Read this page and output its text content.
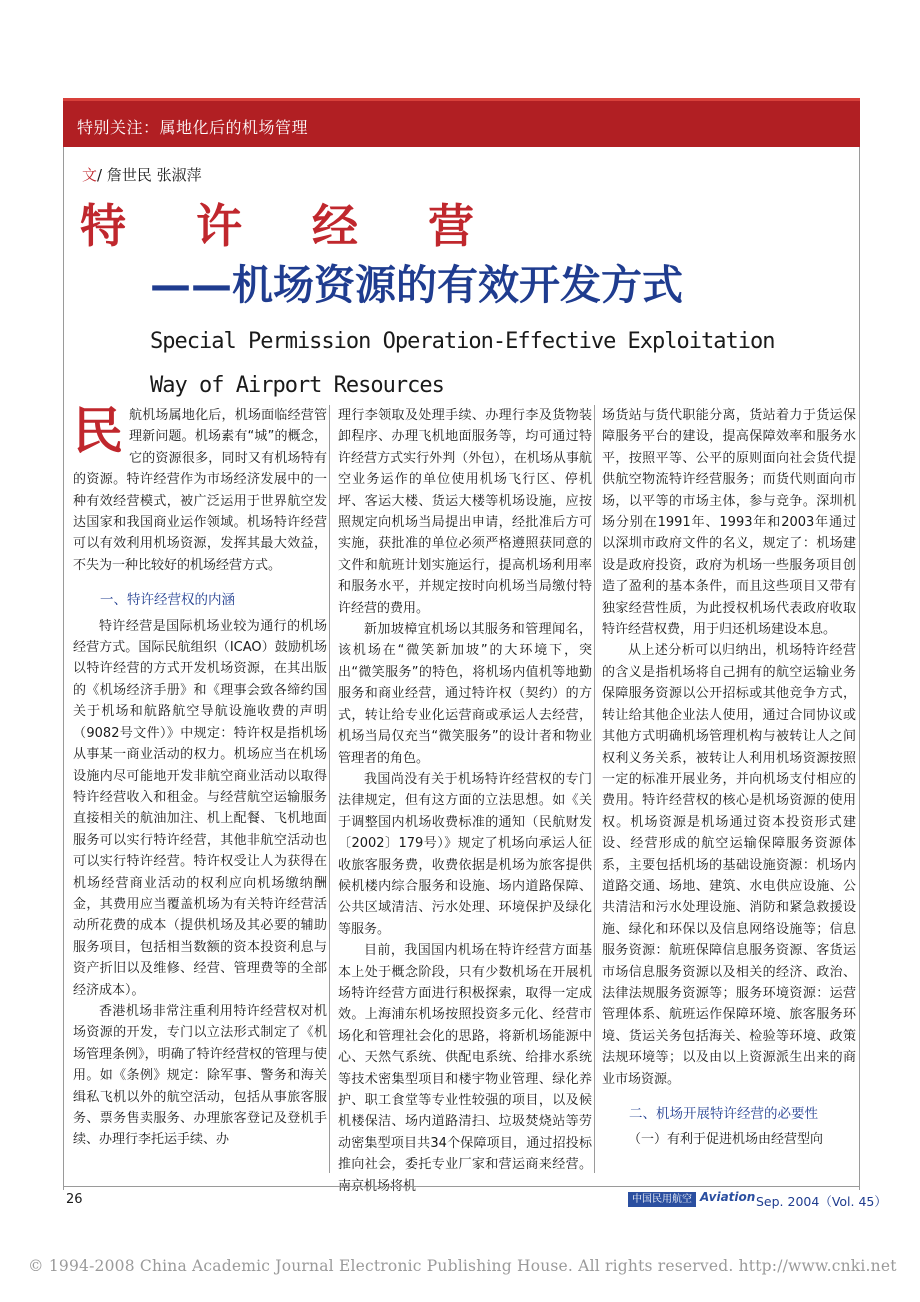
特别关注：属地化后的机场管理
文/ 詹世民 张淑萍
特许经营
——机场资源的有效开发方式
Special Permission Operation-Effective Exploitation Way of Airport Resources

民航机场属地化后，机场面临经营管理新问题。机场素有“城”的概念，它的资源很多，同时又有机场特有的资源。特许经营作为市场经济发展中的一种有效经营模式，被广泛运用于世界航空发达国家和我国商业运作领域。机场特许经营可以有效利用机场资源，发挥其最大效益，不失为一种比较好的机场经营方式。

一、特许经营权的内涵

特许经营是国际机场业较为通行的机场经营方式。国际民航组织（ICAO）鼓励机场以特许经营的方式开发机场资源，在其出版的《机场经济手册》和《理事会致各缔约国关于机场和航路航空导航设施收费的声明（9082号文件）》中规定：特许权是指机场从事某一商业活动的权力。机场应当在机场设施内尽可能地开发非航空商业活动以取得特许经营收入和租金。与经营航空运输服务直接相关的航油加注、机上配餐、飞机地面服务可以实行特许经营，其他非航空活动也可以实行特许经营。特许权受让人为获得在机场经营商业活动的权利应向机场缴纳酬金，其费用应当覆盖机场为有关特许经营活动所花费的成本（提供机场及其必要的辅助服务项目，包括相当数额的资本投资利息与资产折旧以及维修、经营、管理费等的全部经济成本）。

香港机场非常注重利用特许经营权对机场资源的开发，专门以立法形式制定了《机场管理条例》，明确了特许经营权的管理与使用。如《条例》规定：除军事、警务和海关缉私飞机以外的航空活动，包括从事旅客服务、票务售卖服务、办理旅客登记及登机手续、办理行李托运手续、办

理行李领取及处理手续、办理行李及货物装卸程序、办理飞机地面服务等，均可通过特许经营方式实行外判（外包），在机场从事航空业务运作的单位使用机场飞行区、停机坪、客运大楼、货运大楼等机场设施，应按照规定向机场当局提出申请，经批准后方可实施，获批准的单位必须严格遵照获同意的文件和航班计划实施运行，提高机场利用率和服务水平，并规定按时向机场当局缴付特许经营的费用。

新加坡樟宜机场以其服务和管理闻名，该机场在“微笑新加坡”的大环境下，突出“微笑服务”的特色，将机场内值机等地勤服务和商业经营，通过特许权（契约）的方式，转让给专业化运营商或承运人去经营，机场当局仅充当“微笑服务”的设计者和物业管理者的角色。

我国尚没有关于机场特许经营权的专门法律规定，但有这方面的立法思想。如《关于调整国内机场收费标准的通知（民航财发〔2002〕179号）》规定了机场向承运人征收旅客服务费，收费依据是机场为旅客提供候机楼内综合服务和设施、场内道路保障、公共区域清洁、污水处理、环境保护及绿化等服务。

目前，我国国内机场在特许经营方面基本上处于概念阶段，只有少数机场在开展机场特许经营方面进行积极探索，取得一定成效。上海浦东机场按照投资多元化、经营市场化和管理社会化的思路，将新机场能源中心、天然气系统、供配电系统、给排水系统等技术密集型项目和楼宇物业管理、绿化养护、职工食堂等专业性较强的项目，以及候机楼保洁、场内道路清扫、垃圾焚烧站等劳动密集型项目共34个保障项目，通过招投标推向社会，委托专业厂家和营运商来经营。南京机场将机

场货站与货代职能分离，货站着力于货运保障服务平台的建设，提高保障效率和服务水平，按照平等、公平的原则面向社会货代提供航空物流特许经营服务；而货代则面向市场，以平等的市场主体，参与竞争。深圳机场分别在1991年、1993年和2003年通过以深圳市政府文件的名义，规定了：机场建设是政府投资，政府为机场一些服务项目创造了盈利的基本条件，而且这些项目又带有独家经营性质，为此授权机场代表政府收取特许经营权费，用于归还机场建设本息。

从上述分析可以归纳出，机场特许经营的含义是指机场将自己拥有的航空运输业务保障服务资源以公开招标或其他竞争方式，转让给其他企业法人使用，通过合同协议或其他方式明确机场管理机构与被转让人之间权利义务关系，被转让人利用机场资源按照一定的标准开展业务，并向机场支付相应的费用。特许经营权的核心是机场资源的使用权。机场资源是机场通过资本投资形式建设、经营形成的航空运输保障服务资源体系，主要包括机场的基础设施资源：机场内道路交通、场地、建筑、水电供应设施、公共清洁和污水处理设施、消防和紧急救援设施、绿化和环保以及信息网络设施等；信息服务资源：航班保障信息服务资源、客货运市场信息服务资源以及相关的经济、政治、法律法规服务资源等；服务环境资源：运营管理体系、航班运作保障环境、旅客服务环境、货运关务包括海关、检验等环境、政策法规环境等；以及由以上资源派生出来的商业市场资源。

二、机场开展特许经营的必要性

（一）有利于促进机场由经营型向

26	中国民用航空 Aviation Sep. 2004（Vol. 45）
© 1994-2008 China Academic Journal Electronic Publishing House. All rights reserved. http://www.cnki.net
